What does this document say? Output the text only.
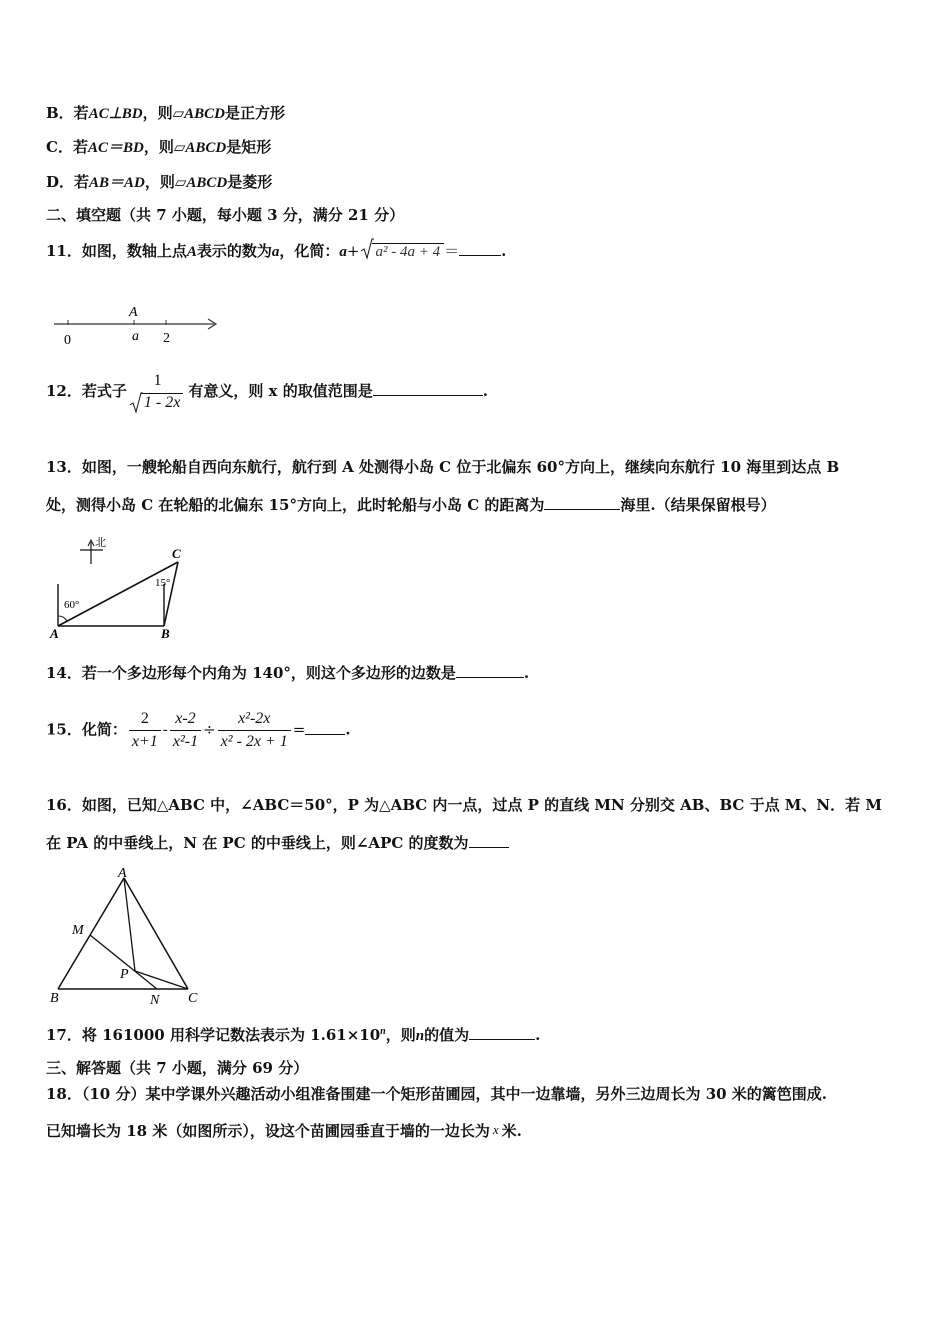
B．若AC⊥BD，则▱ABCD是正方形
C．若AC＝BD，则▱ABCD是矩形
D．若AB＝AD，则▱ABCD是菱形
二、填空题（共 7 小题，每小题 3 分，满分 21 分）
11．如图，数轴上点A表示的数为a，化简：a+ a² - 4a + 4 ＝	.
A
a
0	2
12．若式子
1
1 - 2x
有意义，则 x 的取值范围是	.
13．如图，一艘轮船自西向东航行，航行到 A 处测得小岛 C 位于北偏东 60°方向上，继续向东航行 10 海里到达点 B
处，测得小岛 C 在轮船的北偏东 15°方向上，此时轮船与小岛 C 的距离为	海里.（结果保留根号）
北
60°
15°
A	B
C
14．若一个多边形每个内角为 140°，则这个多边形的边数是	.
15．化简： $\frac{2}{x+1} - \frac{x-2}{\text{x²-1}} \div \frac{\text{x²-2x}}{\text{x² - 2x + 1}}$ =	.
16．如图，已知△ABC 中，∠ABC＝50°，P 为△ABC 内一点，过点 P 的直线 MN 分别交 AB、BC 于点 M、N．若 M
在 PA 的中垂线上，N 在 PC 的中垂线上，则∠APC 的度数为
A
M
P
B	N C
17．将 161000 用科学记数法表示为 $1.61\times 10^n$，则n的值为	.
三、解答题（共 7 小题，满分 69 分）
18．（10 分）某中学课外兴趣活动小组准备围建一个矩形苗圃园，其中一边靠墙，另外三边周长为 30 米的篱笆围成.
已知墙长为 18 米（如图所示），设这个苗圃园垂直于墙的一边长为 x 米.
